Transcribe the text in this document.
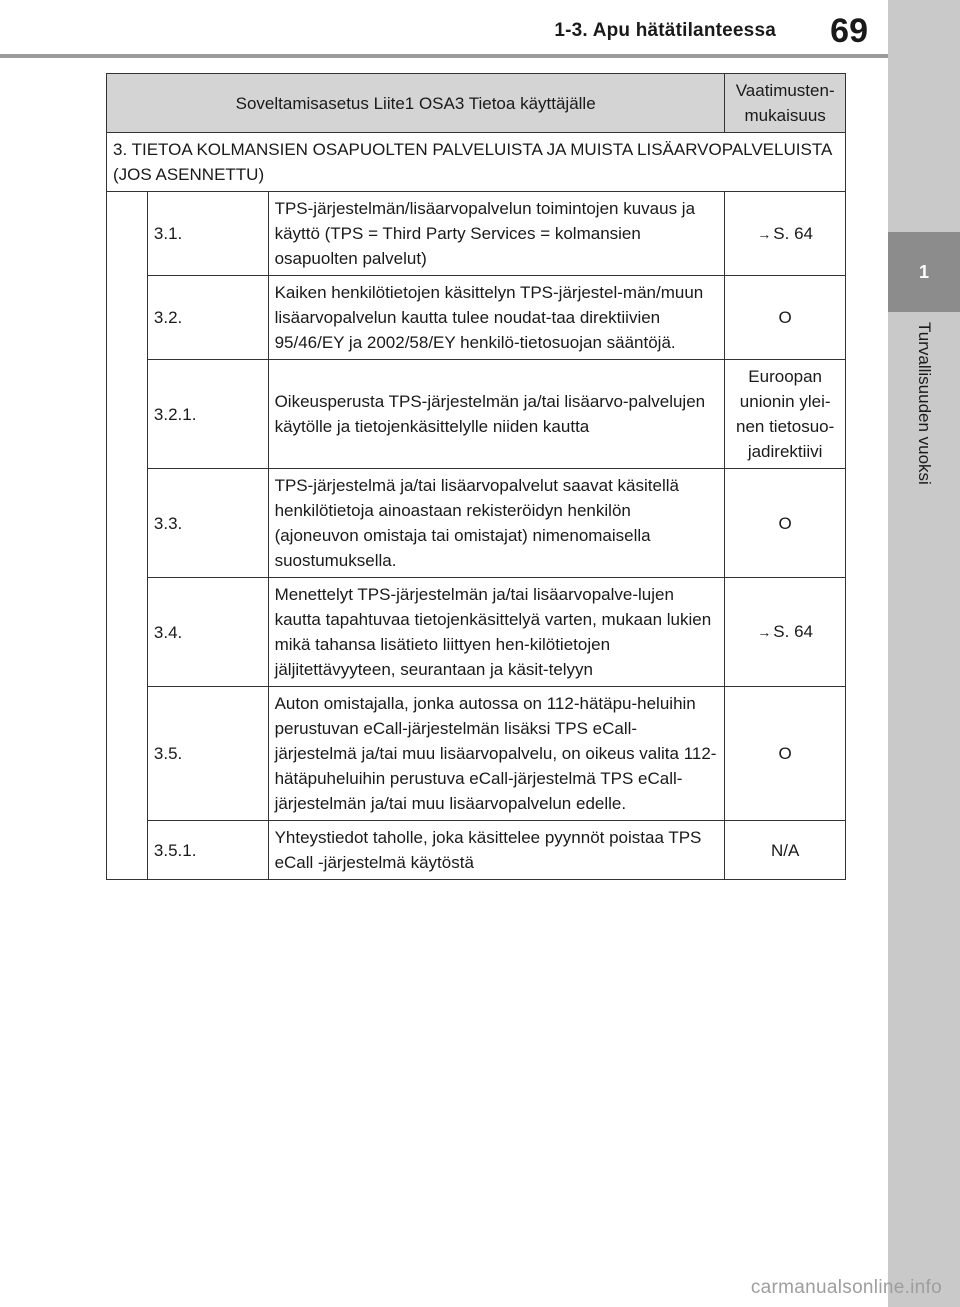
1-3. Apu hätätilanteessa 69
1
Turvallisuuden vuoksi
Soveltamisasetus Liite1 OSA3 Tietoa käyttäjälle			Vaatimusten-
mukaisuus
3. TIETOA KOLMANSIEN OSAPUOLTEN PALVELUISTA JA MUISTA LISÄARVOPALVELUISTA (JOS ASENNETTU)			
	3.1.	TPS-järjestelmän/lisäarvopalvelun toimintojen kuvaus ja käyttö (TPS = Third Party Services = kolmansien osapuolten palvelut)	→ S. 64
	3.2.	Kaiken henkilötietojen käsittelyn TPS-järjestel-män/muun lisäarvopalvelun kautta tulee noudat-taa direktiivien 95/46/EY ja 2002/58/EY henkilö-tietosuojan sääntöjä.	O
	3.2.1.	Oikeusperusta TPS-järjestelmän ja/tai lisäarvo-palvelujen käytölle ja tietojenkäsittelylle niiden kautta	Euroopan unionin ylei-nen tietosuo-jadirektiivi
	3.3.	TPS-järjestelmä ja/tai lisäarvopalvelut saavat käsitellä henkilötietoja ainoastaan rekisteröidyn henkilön (ajoneuvon omistaja tai omistajat) nimenomaisella suostumuksella.	O
	3.4.	Menettelyt TPS-järjestelmän ja/tai lisäarvopalve-lujen kautta tapahtuvaa tietojenkäsittelyä varten, mukaan lukien mikä tahansa lisätieto liittyen hen-kilötietojen jäljitettävyyteen, seurantaan ja käsit-telyyn	→ S. 64
	3.5.	Auton omistajalla, jonka autossa on 112-hätäpu-heluihin perustuvan eCall-järjestelmän lisäksi TPS eCall-järjestelmä ja/tai muu lisäarvopalvelu, on oikeus valita 112-hätäpuheluihin perustuva eCall-järjestelmä TPS eCall-järjestelmän ja/tai muu lisäarvopalvelun edelle.	O
	3.5.1.	Yhteystiedot taholle, joka käsittelee pyynnöt poistaa TPS eCall -järjestelmä käytöstä	N/A
carmanualsonline.info
